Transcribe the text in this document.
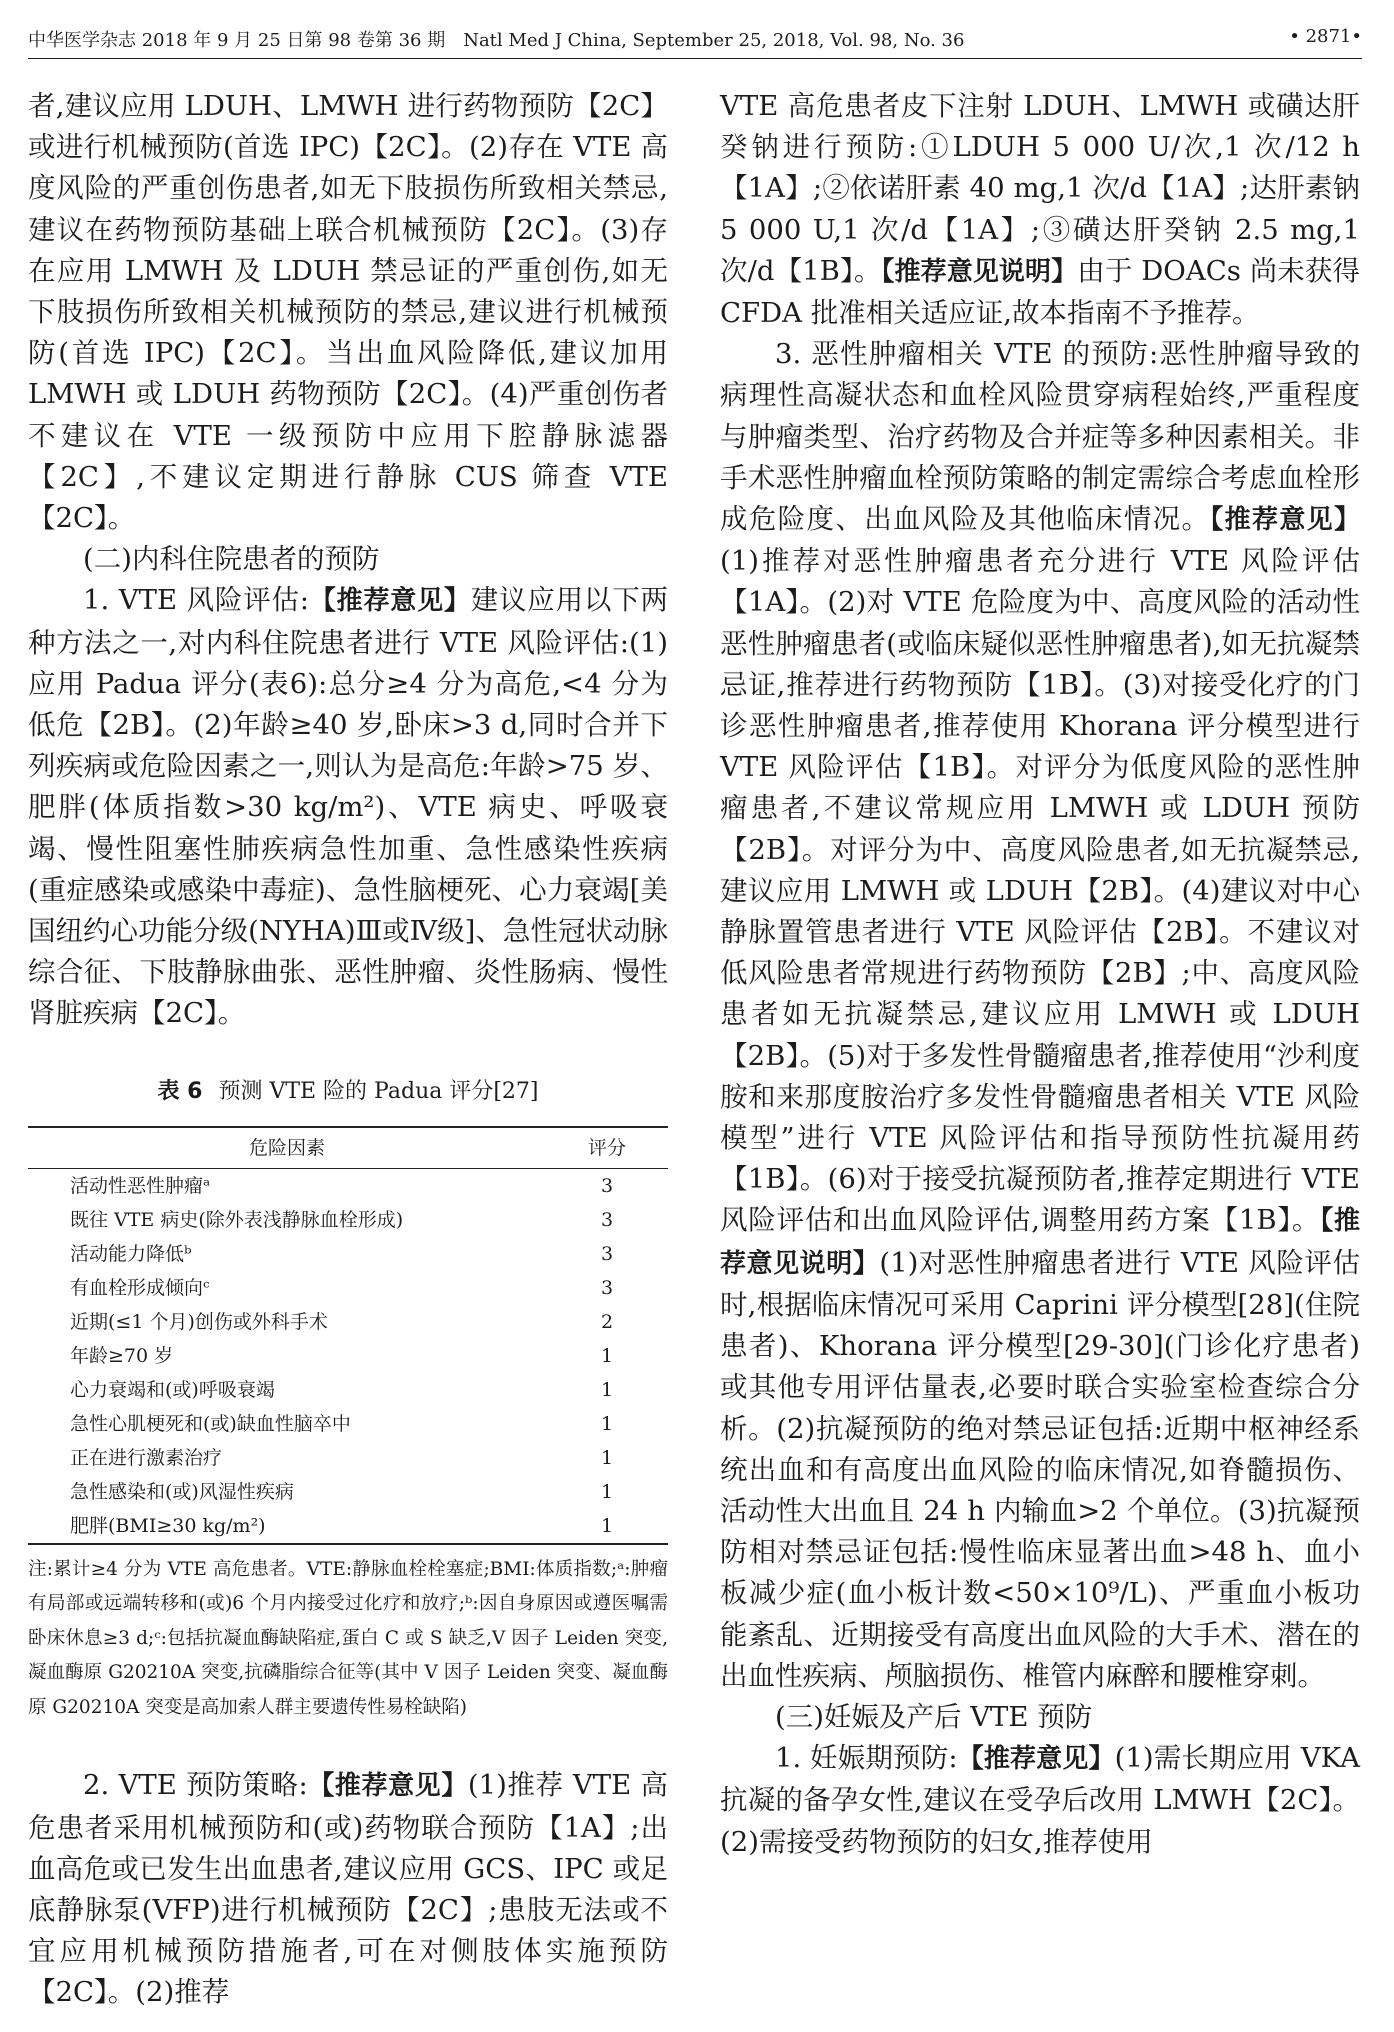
中华医学杂志 2018 年 9 月 25 日第 98 卷第 36 期　Natl Med J China, September 25, 2018, Vol. 98, No. 36	• 2871•

者,建议应用 LDUH、LMWH 进行药物预防【2C】或进行机械预防(首选 IPC)【2C】。(2)存在 VTE 高度风险的严重创伤患者,如无下肢损伤所致相关禁忌,建议在药物预防基础上联合机械预防【2C】。(3)存在应用 LMWH 及 LDUH 禁忌证的严重创伤,如无下肢损伤所致相关机械预防的禁忌,建议进行机械预防(首选 IPC)【2C】。当出血风险降低,建议加用 LMWH 或 LDUH 药物预防【2C】。(4)严重创伤者不建议在 VTE 一级预防中应用下腔静脉滤器【2C】,不建议定期进行静脉 CUS 筛查 VTE【2C】。

(二)内科住院患者的预防

1. VTE 风险评估:【推荐意见】建议应用以下两种方法之一,对内科住院患者进行 VTE 风险评估:(1)应用 Padua 评分(表6):总分≥4 分为高危,<4 分为低危【2B】。(2)年龄≥40 岁,卧床>3 d,同时合并下列疾病或危险因素之一,则认为是高危:年龄>75 岁、肥胖(体质指数>30 kg/m²)、VTE 病史、呼吸衰竭、慢性阻塞性肺疾病急性加重、急性感染性疾病(重症感染或感染中毒症)、急性脑梗死、心力衰竭[美国纽约心功能分级(NYHA)Ⅲ或Ⅳ级]、急性冠状动脉综合征、下肢静脉曲张、恶性肿瘤、炎性肠病、慢性肾脏疾病【2C】。

表 6 预测 VTE 险的 Padua 评分[27]
危险因素	评分
活动性恶性肿瘤ᵃ	3
既往 VTE 病史(除外表浅静脉血栓形成)	3
活动能力降低ᵇ	3
有血栓形成倾向ᶜ	3
近期(≤1 个月)创伤或外科手术	2
年龄≥70 岁	1
心力衰竭和(或)呼吸衰竭	1
急性心肌梗死和(或)缺血性脑卒中	1
正在进行激素治疗	1
急性感染和(或)风湿性疾病	1
肥胖(BMI≥30 kg/m²)	1
注:累计≥4 分为 VTE 高危患者。VTE:静脉血栓栓塞症;BMI:体质指数;ᵃ:肿瘤有局部或远端转移和(或)6 个月内接受过化疗和放疗;ᵇ:因自身原因或遵医嘱需卧床休息≥3 d;ᶜ:包括抗凝血酶缺陷症,蛋白 C 或 S 缺乏,V 因子 Leiden 突变,凝血酶原 G20210A 突变,抗磷脂综合征等(其中 V 因子 Leiden 突变、凝血酶原 G20210A 突变是高加索人群主要遗传性易栓缺陷)

2. VTE 预防策略:【推荐意见】(1)推荐 VTE 高危患者采用机械预防和(或)药物联合预防【1A】;出血高危或已发生出血患者,建议应用 GCS、IPC 或足底静脉泵(VFP)进行机械预防【2C】;患肢无法或不宜应用机械预防措施者,可在对侧肢体实施预防【2C】。(2)推荐

VTE 高危患者皮下注射 LDUH、LMWH 或磺达肝癸钠进行预防:①LDUH 5 000 U/次,1 次/12 h【1A】;②依诺肝素 40 mg,1 次/d【1A】;达肝素钠 5 000 U,1 次/d【1A】;③磺达肝癸钠 2.5 mg,1 次/d【1B】。【推荐意见说明】由于 DOACs 尚未获得 CFDA 批准相关适应证,故本指南不予推荐。

3. 恶性肿瘤相关 VTE 的预防:恶性肿瘤导致的病理性高凝状态和血栓风险贯穿病程始终,严重程度与肿瘤类型、治疗药物及合并症等多种因素相关。非手术恶性肿瘤血栓预防策略的制定需综合考虑血栓形成危险度、出血风险及其他临床情况。【推荐意见】(1)推荐对恶性肿瘤患者充分进行 VTE 风险评估【1A】。(2)对 VTE 危险度为中、高度风险的活动性恶性肿瘤患者(或临床疑似恶性肿瘤患者),如无抗凝禁忌证,推荐进行药物预防【1B】。(3)对接受化疗的门诊恶性肿瘤患者,推荐使用 Khorana 评分模型进行 VTE 风险评估【1B】。对评分为低度风险的恶性肿瘤患者,不建议常规应用 LMWH 或 LDUH 预防【2B】。对评分为中、高度风险患者,如无抗凝禁忌,建议应用 LMWH 或 LDUH【2B】。(4)建议对中心静脉置管患者进行 VTE 风险评估【2B】。不建议对低风险患者常规进行药物预防【2B】;中、高度风险患者如无抗凝禁忌,建议应用 LMWH 或 LDUH【2B】。(5)对于多发性骨髓瘤患者,推荐使用“沙利度胺和来那度胺治疗多发性骨髓瘤患者相关 VTE 风险模型”进行 VTE 风险评估和指导预防性抗凝用药【1B】。(6)对于接受抗凝预防者,推荐定期进行 VTE 风险评估和出血风险评估,调整用药方案【1B】。【推荐意见说明】(1)对恶性肿瘤患者进行 VTE 风险评估时,根据临床情况可采用 Caprini 评分模型[28](住院患者)、Khorana 评分模型[29-30](门诊化疗患者)或其他专用评估量表,必要时联合实验室检查综合分析。(2)抗凝预防的绝对禁忌证包括:近期中枢神经系统出血和有高度出血风险的临床情况,如脊髓损伤、活动性大出血且 24 h 内输血>2 个单位。(3)抗凝预防相对禁忌证包括:慢性临床显著出血>48 h、血小板减少症(血小板计数<50×10⁹/L)、严重血小板功能紊乱、近期接受有高度出血风险的大手术、潜在的出血性疾病、颅脑损伤、椎管内麻醉和腰椎穿刺。

(三)妊娠及产后 VTE 预防

1. 妊娠期预防:【推荐意见】(1)需长期应用 VKA 抗凝的备孕女性,建议在受孕后改用 LMWH【2C】。(2)需接受药物预防的妇女,推荐使用
